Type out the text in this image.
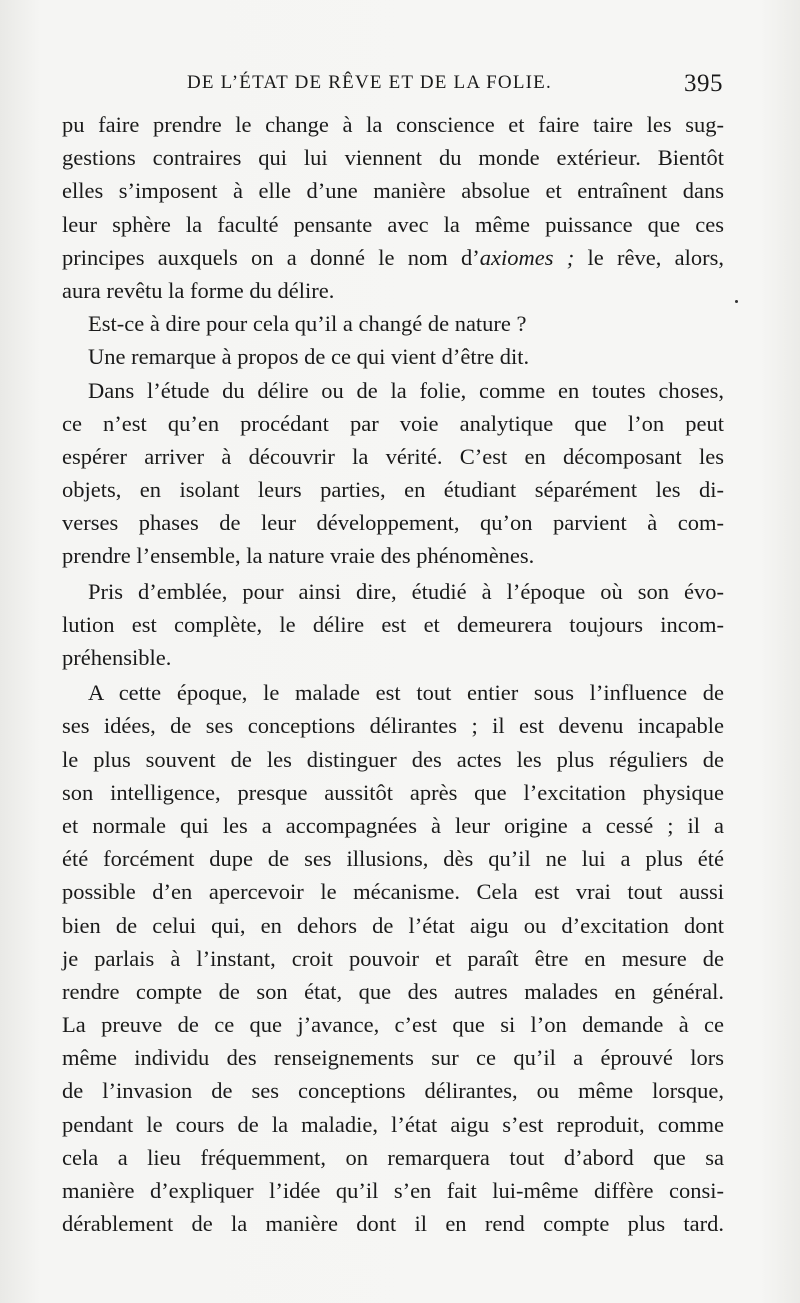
DE L’ÉTAT DE RÊVE ET DE LA FOLIE.	395
pu faire prendre le change à la conscience et faire taire les sug-
gestions contraires qui lui viennent du monde extérieur. Bientôt
elles s’imposent à elle d’une manière absolue et entraînent dans
leur sphère la faculté pensante avec la même puissance que ces
principes auxquels on a donné le nom d’axiomes ; le rêve, alors,
aura revêtu la forme du délire.
Est-ce à dire pour cela qu’il a changé de nature ?
Une remarque à propos de ce qui vient d’être dit.
Dans l’étude du délire ou de la folie, comme en toutes choses,
ce n’est qu’en procédant par voie analytique que l’on peut
espérer arriver à découvrir la vérité. C’est en décomposant les
objets, en isolant leurs parties, en étudiant séparément les di-
verses phases de leur développement, qu’on parvient à com-
prendre l’ensemble, la nature vraie des phénomènes.
Pris d’emblée, pour ainsi dire, étudié à l’époque où son évo-
lution est complète, le délire est et demeurera toujours incom-
préhensible.
A cette époque, le malade est tout entier sous l’influence de
ses idées, de ses conceptions délirantes ; il est devenu incapable
le plus souvent de les distinguer des actes les plus réguliers de
son intelligence, presque aussitôt après que l’excitation physique
et normale qui les a accompagnées à leur origine a cessé ; il a
été forcément dupe de ses illusions, dès qu’il ne lui a plus été
possible d’en apercevoir le mécanisme. Cela est vrai tout aussi
bien de celui qui, en dehors de l’état aigu ou d’excitation dont
je parlais à l’instant, croit pouvoir et paraît être en mesure de
rendre compte de son état, que des autres malades en général.
La preuve de ce que j’avance, c’est que si l’on demande à ce
même individu des renseignements sur ce qu’il a éprouvé lors
de l’invasion de ses conceptions délirantes, ou même lorsque,
pendant le cours de la maladie, l’état aigu s’est reproduit, comme
cela a lieu fréquemment, on remarquera tout d’abord que sa
manière d’expliquer l’idée qu’il s’en fait lui-même diffère consi-
dérablement de la manière dont il en rend compte plus tard.
